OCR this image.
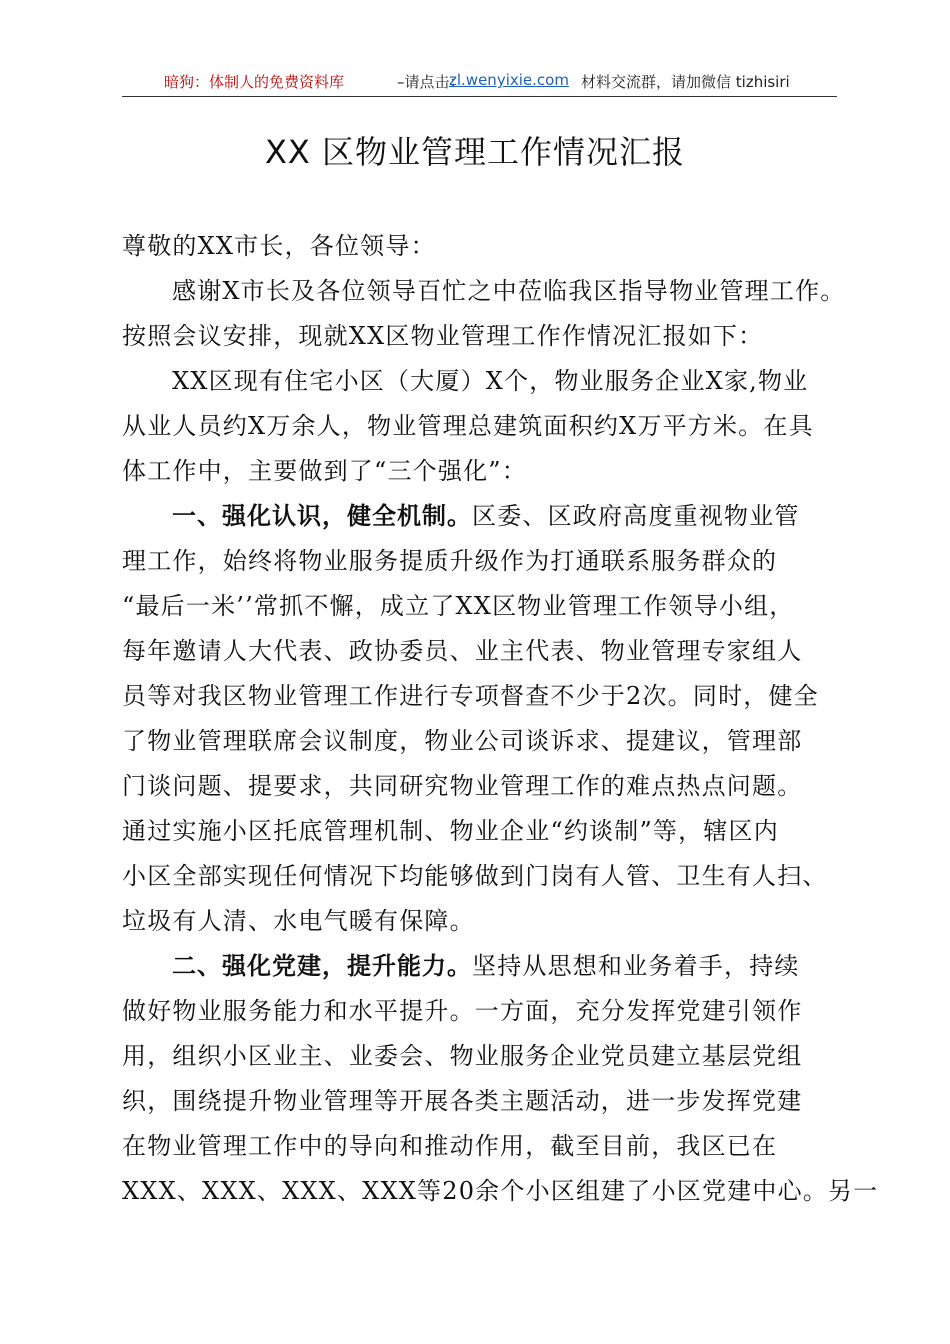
暗狗：体制人的免费资料库	–请点击：
zl.wenyixie.com 材料交流群，请加微信 tizhisiri
XX 区物业管理工作情况汇报

尊敬的XX市长，各位领导：

感谢X市长及各位领导百忙之中莅临我区指导物业管理工作。

按照会议安排，现就XX区物业管理工作作情况汇报如下：

XX区现有住宅小区（大厦）X个，物业服务企业X家,物业

从业人员约X万余人，物业管理总建筑面积约X万平方米。在具

体工作中，主要做到了“三个强化”：

一、强化认识，健全机制。区委、区政府高度重视物业管

理工作，始终将物业服务提质升级作为打通联系服务群众的

“最后一米’’常抓不懈，成立了XX区物业管理工作领导小组，

每年邀请人大代表、政协委员、业主代表、物业管理专家组人

员等对我区物业管理工作进行专项督查不少于2次。同时，健全

了物业管理联席会议制度，物业公司谈诉求、提建议，管理部

门谈问题、提要求，共同研究物业管理工作的难点热点问题。

通过实施小区托底管理机制、物业企业“约谈制”等，辖区内

小区全部实现任何情况下均能够做到门岗有人管、卫生有人扫、

垃圾有人清、水电气暖有保障。

二、强化党建，提升能力。坚持从思想和业务着手，持续

做好物业服务能力和水平提升。一方面，充分发挥党建引领作

用，组织小区业主、业委会、物业服务企业党员建立基层党组

织，围绕提升物业管理等开展各类主题活动，进一步发挥党建

在物业管理工作中的导向和推动作用，截至目前，我区已在

XXX、XXX、XXX、XXX等20余个小区组建了小区党建中心。另一
